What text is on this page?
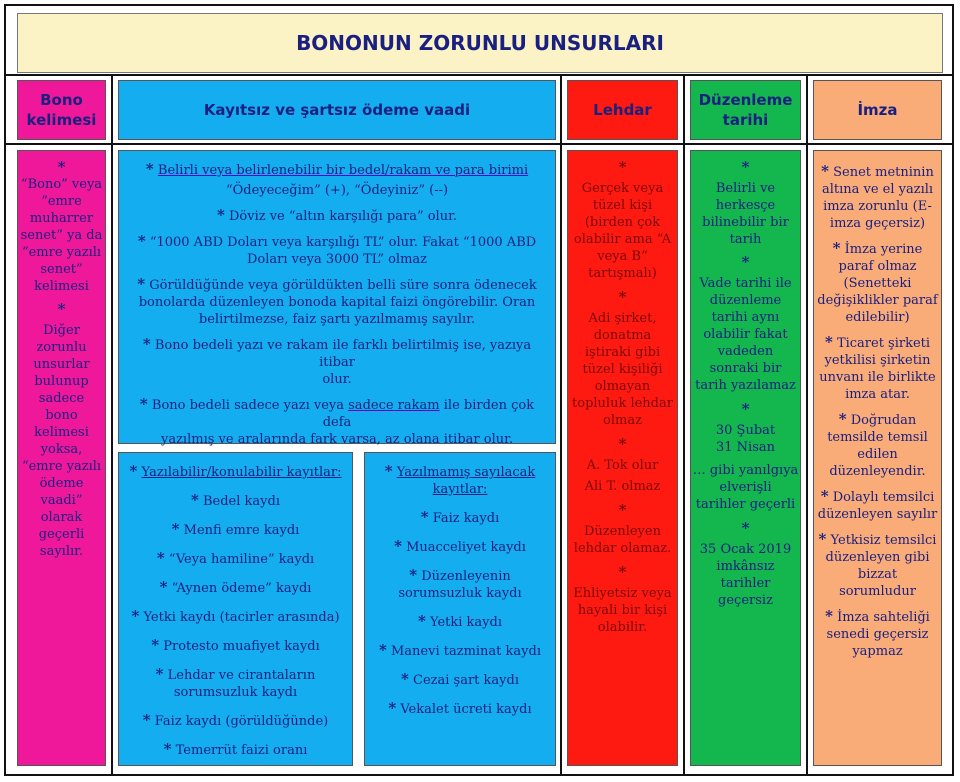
BONONUN ZORUNLU UNSURLARI
Bono
kelimesi
Kayıtsız ve şartsız ödeme vaadi	Lehdar
Düzenleme
tarihi
İmza
*
“Bono” veya
”emre
muharrer
senet” ya da
“emre yazılı
senet”
kelimesi
*
Diğer
zorunlu
unsurlar
bulunup
sadece
bono
kelimesi
yoksa,
“emre yazılı
ödeme
vaadi”
olarak
geçerli
sayılır.
* Belirli veya belirlenebilir bir bedel/rakam ve para birimi
“Ödeyeceğim” (+), “Ödeyiniz” (--)
* Döviz ve “altın karşılığı para” olur.
* “1000 ABD Doları veya karşılığı TL” olur. Fakat “1000 ABD
Doları veya 3000 TL” olmaz
* Görüldüğünde veya görüldükten belli süre sonra ödenecek
bonolarda düzenleyen bonoda kapital faizi öngörebilir. Oran
belirtilmezse, faiz şartı yazılmamış sayılır.
* Bono bedeli yazı ve rakam ile farklı belirtilmiş ise, yazıya itibar
olur.
* Bono bedeli sadece yazı veya sadece rakam ile birden çok defa
yazılmış ve aralarında fark varsa, az olana itibar olur.
* Yazılabilir/konulabilir kayıtlar:
* Bedel kaydı
* Menfi emre kaydı
* “Veya hamiline” kaydı
* “Aynen ödeme” kaydı
* Yetki kaydı (tacirler arasında)
* Protesto muafiyet kaydı
* Lehdar ve cirantaların
sorumsuzluk kaydı
* Faiz kaydı (görüldüğünde)
* Temerrüt faizi oranı
* Yazılmamış sayılacak
kayıtlar:
* Faiz kaydı
* Muacceliyet kaydı
* Düzenleyenin
sorumsuzluk kaydı
* Yetki kaydı
* Manevi tazminat kaydı
* Cezai şart kaydı
* Vekalet ücreti kaydı
*
Gerçek veya
tüzel kişi
(birden çok
olabilir ama “A
veya B”
tartışmalı)
*
Adi şirket,
donatma
iştiraki gibi
tüzel kişiliği
olmayan
topluluk lehdar
olmaz
*
A. Tok olur
Ali T. olmaz
*
Düzenleyen
lehdar olamaz.
*
Ehliyetsiz veya
hayali bir kişi
olabilir.
*
Belirli ve
herkesçe
bilinebilir bir
tarih
*
Vade tarihi ile
düzenleme
tarihi aynı
olabilir fakat
vadeden
sonraki bir
tarih yazılamaz
*
30 Şubat
31 Nisan
… gibi yanılgıya
elverişli
tarihler geçerli
*
35 Ocak 2019
imkânsız
tarihler
geçersiz
* Senet metninin
altına ve el yazılı
imza zorunlu (E-
imza geçersiz)
* İmza yerine
paraf olmaz
(Senetteki
değişiklikler paraf
edilebilir)
* Ticaret şirketi
yetkilisi şirketin
unvanı ile birlikte
imza atar.
* Doğrudan
temsilde temsil
edilen
düzenleyendir.
* Dolaylı temsilci
düzenleyen sayılır
* Yetkisiz temsilci
düzenleyen gibi
bizzat
sorumludur
* İmza sahteliği
senedi geçersiz
yapmaz
